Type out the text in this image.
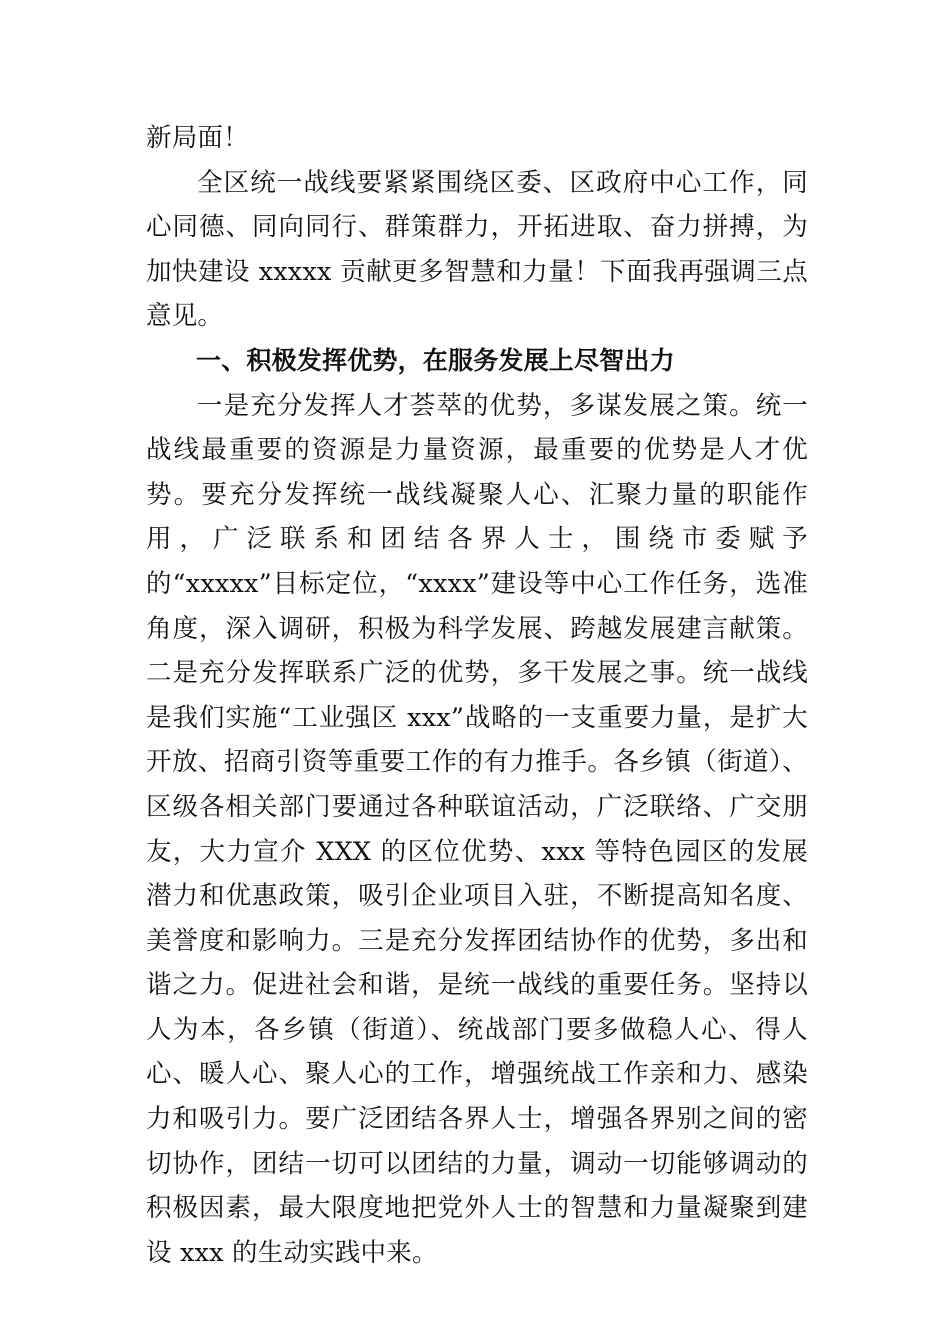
新局面！

全区统一战线要紧紧围绕区委、区政府中心工作，同心同德、同向同行、群策群力，开拓进取、奋力拼搏，为加快建设 xxxxx 贡献更多智慧和力量！下面我再强调三点意见。

一、积极发挥优势，在服务发展上尽智出力

一是充分发挥人才荟萃的优势，多谋发展之策。统一战线最重要的资源是力量资源，最重要的优势是人才优势。要充分发挥统一战线凝聚人心、汇聚力量的职能作用，广泛联系和团结各界人士，围绕市委赋予的“xxxxx”目标定位，“xxxx”建设等中心工作任务，选准角度，深入调研，积极为科学发展、跨越发展建言献策。二是充分发挥联系广泛的优势，多干发展之事。统一战线是我们实施“工业强区 xxx”战略的一支重要力量，是扩大开放、招商引资等重要工作的有力推手。各乡镇（街道）、区级各相关部门要通过各种联谊活动，广泛联络、广交朋友，大力宣介 XXX 的区位优势、xxx 等特色园区的发展潜力和优惠政策，吸引企业项目入驻，不断提高知名度、美誉度和影响力。三是充分发挥团结协作的优势，多出和谐之力。促进社会和谐，是统一战线的重要任务。坚持以人为本，各乡镇（街道）、统战部门要多做稳人心、得人心、暖人心、聚人心的工作，增强统战工作亲和力、感染力和吸引力。要广泛团结各界人士，增强各界别之间的密切协作，团结一切可以团结的力量，调动一切能够调动的积极因素，最大限度地把党外人士的智慧和力量凝聚到建设 xxx 的生动实践中来。
